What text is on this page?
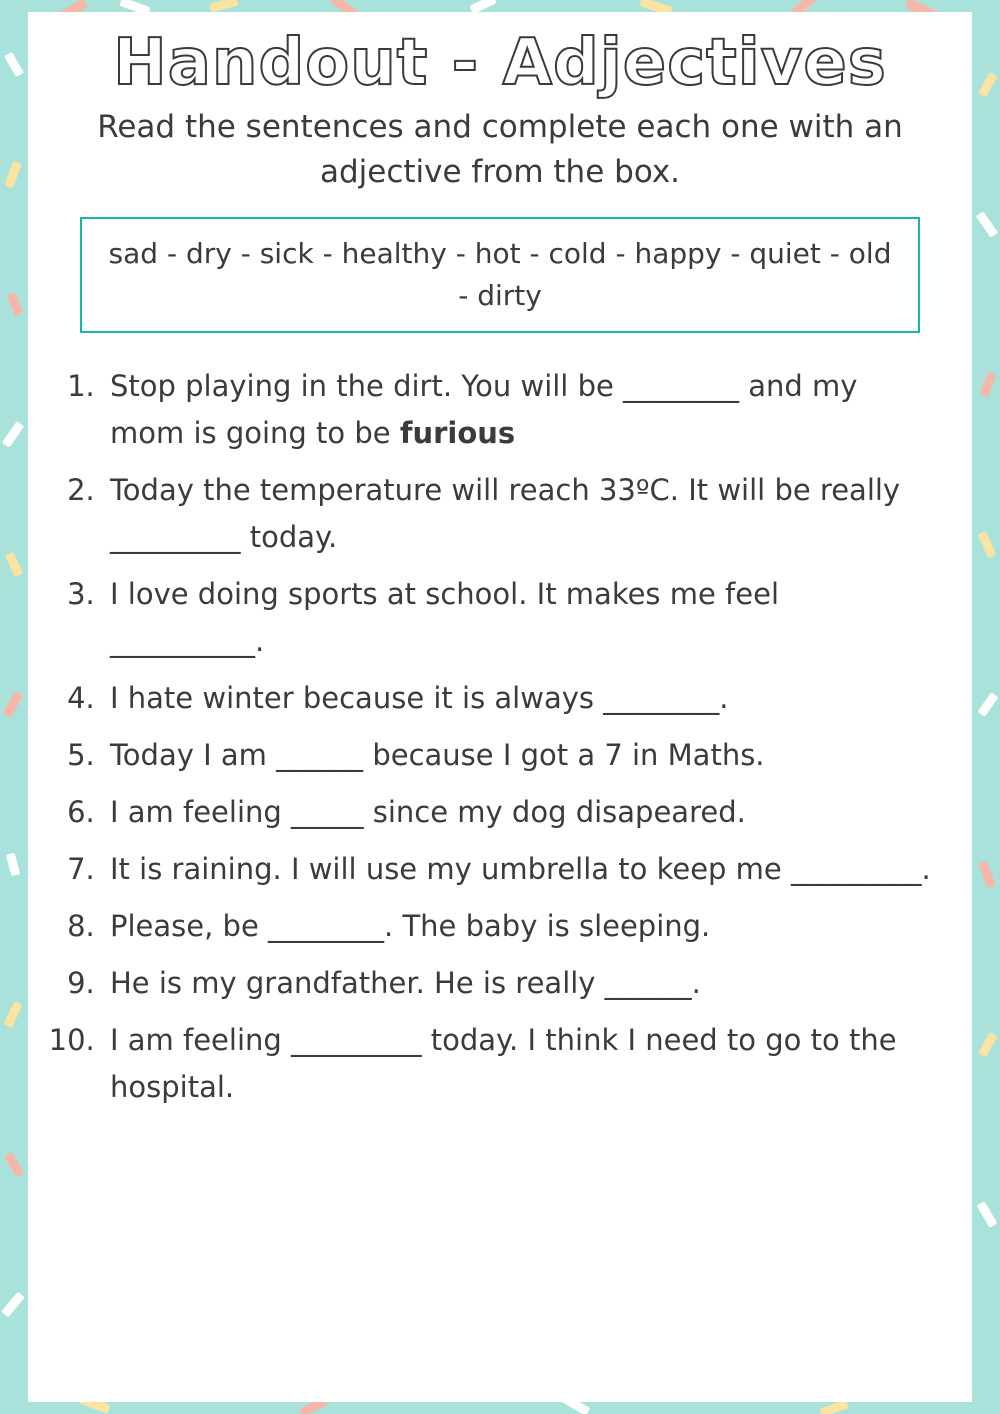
Handout - Adjectives

Read the sentences and complete each one with an adjective from the box.

sad - dry - sick - healthy - hot - cold - happy - quiet - old - dirty
1. Stop playing in the dirt. You will be ________ and my mom is going to be furious
2. Today the temperature will reach 33ºC. It will be really _________ today.
3. I love doing sports at school. It makes me feel __________.
4. I hate winter because it is always ________.
5. Today I am ______ because I got a 7 in Maths.
6. I am feeling _____ since my dog disapeared.
7. It is raining. I will use my umbrella to keep me _________.
8. Please, be ________. The baby is sleeping.
9. He is my grandfather. He is really ______.
10. I am feeling _________ today. I think I need to go to the hospital.
